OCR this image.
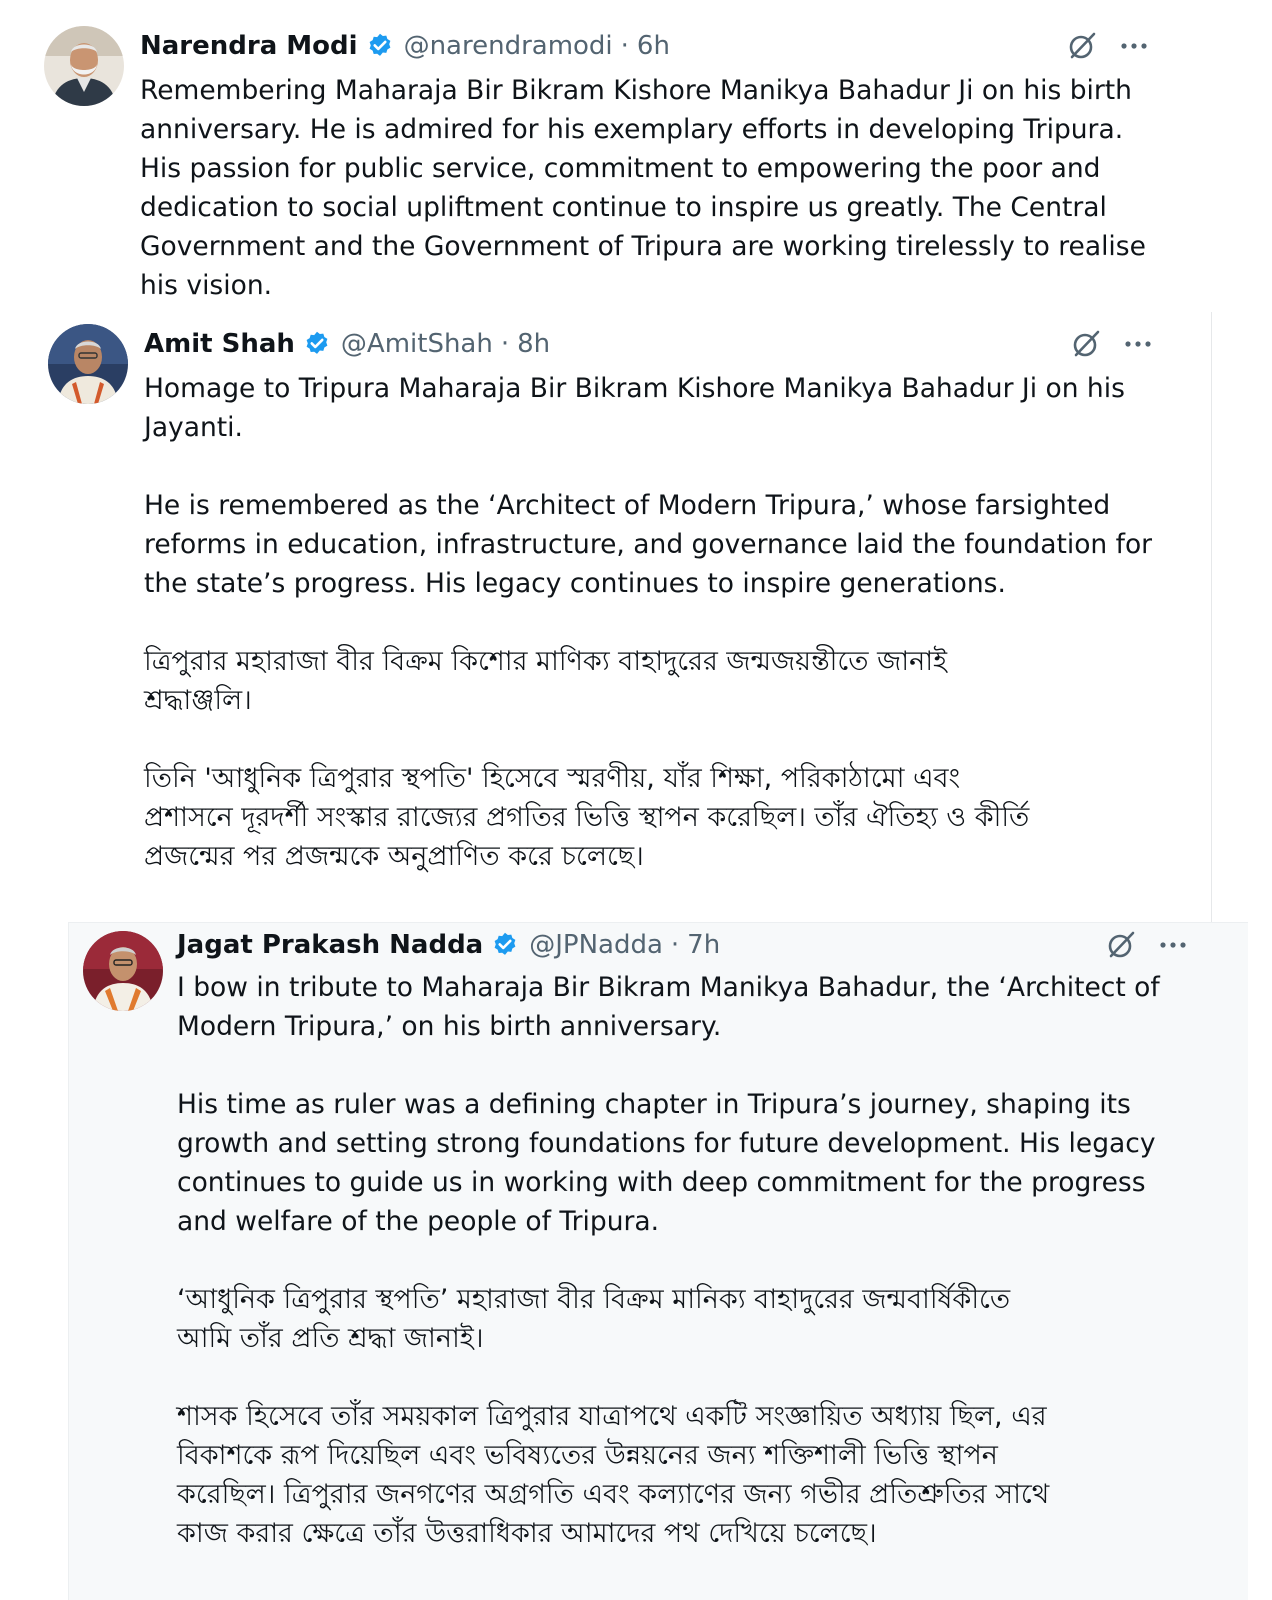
Narendra Modi @narendramodi · 6h

Remembering Maharaja Bir Bikram Kishore Manikya Bahadur Ji on his birth

anniversary. He is admired for his exemplary efforts in developing Tripura.

His passion for public service, commitment to empowering the poor and

dedication to social upliftment continue to inspire us greatly. The Central

Government and the Government of Tripura are working tirelessly to realise

his vision.

Amit Shah @AmitShah · 8h

Homage to Tripura Maharaja Bir Bikram Kishore Manikya Bahadur Ji on his

Jayanti.

He is remembered as the ‘Architect of Modern Tripura,’ whose farsighted

reforms in education, infrastructure, and governance laid the foundation for

the state’s progress. His legacy continues to inspire generations.

ত্রিপুরার মহারাজা বীর বিক্রম কিশোর মাণিক্য বাহাদুরের জন্মজয়ন্তীতে জানাই

শ্রদ্ধাঞ্জলি।

তিনি 'আধুনিক ত্রিপুরার স্থপতি' হিসেবে স্মরণীয়, যাঁর শিক্ষা, পরিকাঠামো এবং

প্রশাসনে দূরদর্শী সংস্কার রাজ্যের প্রগতির ভিত্তি স্থাপন করেছিল। তাঁর ঐতিহ্য ও কীর্তি

প্রজন্মের পর প্রজন্মকে অনুপ্রাণিত করে চলেছে।

Jagat Prakash Nadda @JPNadda · 7h

I bow in tribute to Maharaja Bir Bikram Manikya Bahadur, the ‘Architect of

Modern Tripura,’ on his birth anniversary.

His time as ruler was a defining chapter in Tripura’s journey, shaping its

growth and setting strong foundations for future development. His legacy

continues to guide us in working with deep commitment for the progress

and welfare of the people of Tripura.

‘আধুনিক ত্রিপুরার স্থপতি’ মহারাজা বীর বিক্রম মানিক্য বাহাদুরের জন্মবার্ষিকীতে

আমি তাঁর প্রতি শ্রদ্ধা জানাই।

শাসক হিসেবে তাঁর সময়কাল ত্রিপুরার যাত্রাপথে একটি সংজ্ঞায়িত অধ্যায় ছিল, এর

বিকাশকে রূপ দিয়েছিল এবং ভবিষ্যতের উন্নয়নের জন্য শক্তিশালী ভিত্তি স্থাপন

করেছিল। ত্রিপুরার জনগণের অগ্রগতি এবং কল্যাণের জন্য গভীর প্রতিশ্রুতির সাথে

কাজ করার ক্ষেত্রে তাঁর উত্তরাধিকার আমাদের পথ দেখিয়ে চলেছে।
